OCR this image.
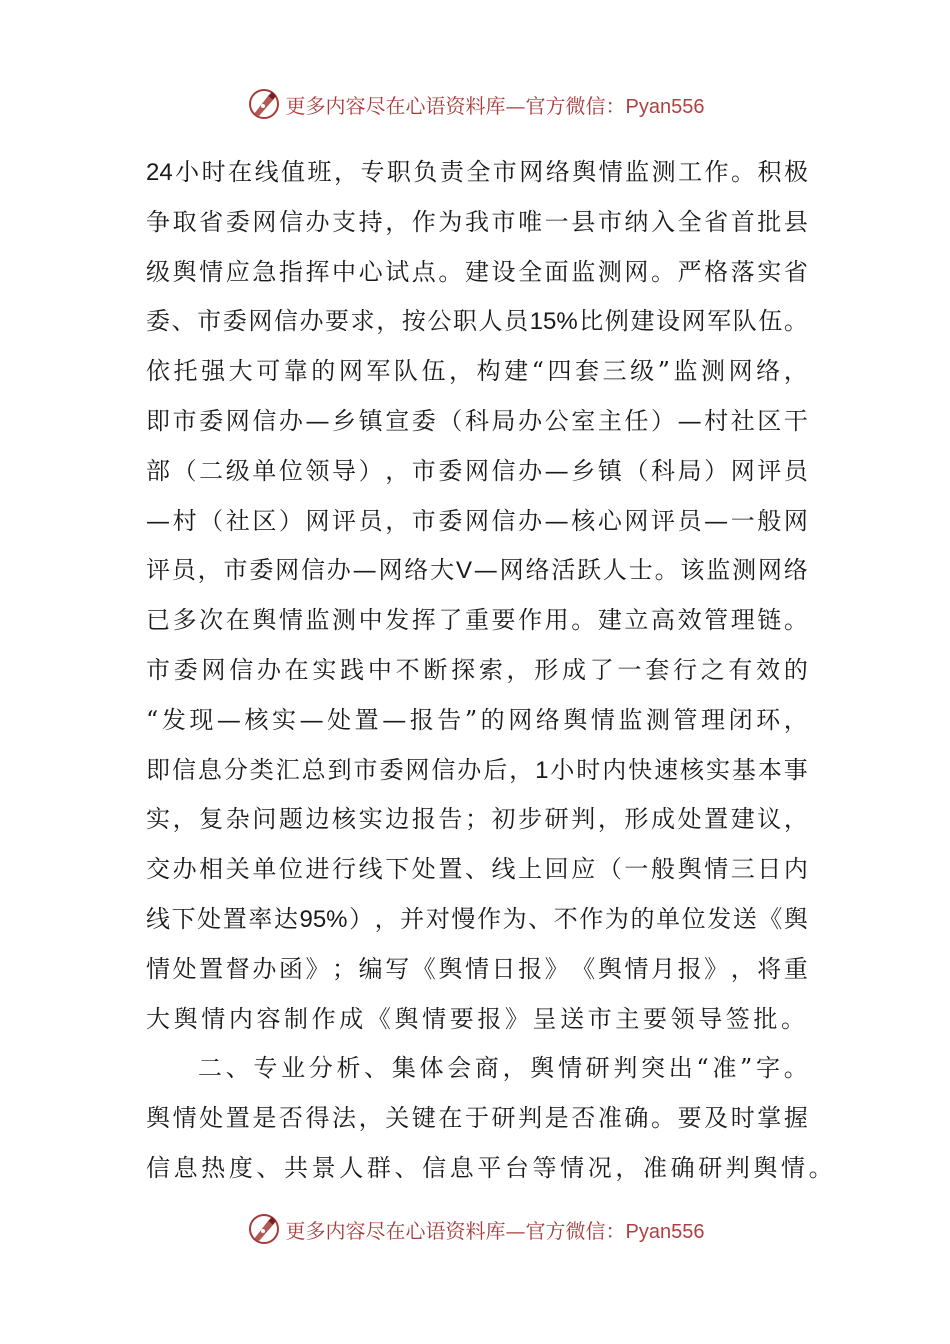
更多内容尽在心语资料库—官方微信：Pyan556
24 小 时 在 线 值 班 ， 专 职 负 责 全 市 网 络 舆 情 监 测 工 作 。 积 极
争 取 省 委 网 信 办 支 持 ， 作 为 我 市 唯 一 县 市 纳 入 全 省 首 批 县
级 舆 情 应 急 指 挥 中 心 试 点 。 建 设 全 面 监 测 网 。 严 格 落 实 省
委 、 市 委 网 信 办 要 求 ， 按 公 职 人 员 15% 比 例 建 设 网 军 队 伍 。
依 托 强 大 可 靠 的 网 军 队 伍 ， 构 建 “ 四 套 三 级 ” 监 测 网 络 ，
即 市 委 网 信 办 — 乡 镇 宣 委 （ 科 局 办 公 室 主 任 ） — 村 社 区 干
部 （ 二 级 单 位 领 导 ） ， 市 委 网 信 办 — 乡 镇 （ 科 局 ） 网 评 员
— 村 （ 社 区 ） 网 评 员 ， 市 委 网 信 办 — 核 心 网 评 员 — 一 般 网
评 员 ， 市 委 网 信 办 — 网 络 大 V — 网 络 活 跃 人 士 。 该 监 测 网 络
已 多 次 在 舆 情 监 测 中 发 挥 了 重 要 作 用 。 建 立 高 效 管 理 链 。
市 委 网 信 办 在 实 践 中 不 断 探 索 ， 形 成 了 一 套 行 之 有 效 的
“ 发 现 — 核 实 — 处 置 — 报 告 ” 的 网 络 舆 情 监 测 管 理 闭 环 ，
即 信 息 分 类 汇 总 到 市 委 网 信 办 后 ， 1 小 时 内 快 速 核 实 基 本 事
实 ， 复 杂 问 题 边 核 实 边 报 告 ； 初 步 研 判 ， 形 成 处 置 建 议 ，
交 办 相 关 单 位 进 行 线 下 处 置 、 线 上 回 应 （ 一 般 舆 情 三 日 内
线 下 处 置 率 达 95% ） ， 并 对 慢 作 为 、 不 作 为 的 单 位 发 送 《 舆
情 处 置 督 办 函 》 ； 编 写 《 舆 情 日 报 》 《 舆 情 月 报 》 ， 将 重
大 舆 情 内 容 制 作 成 《 舆 情 要 报 》 呈 送 市 主 要 领 导 签 批 。
二 、 专 业 分 析 、 集 体 会 商 ， 舆 情 研 判 突 出 “ 准 ” 字 。
舆 情 处 置 是 否 得 法 ， 关 键 在 于 研 判 是 否 准 确 。 要 及 时 掌 握
信 息 热 度 、 共 景 人 群 、 信 息 平 台 等 情 况 ， 准 确 研 判 舆 情 。
更多内容尽在心语资料库—官方微信：Pyan556
